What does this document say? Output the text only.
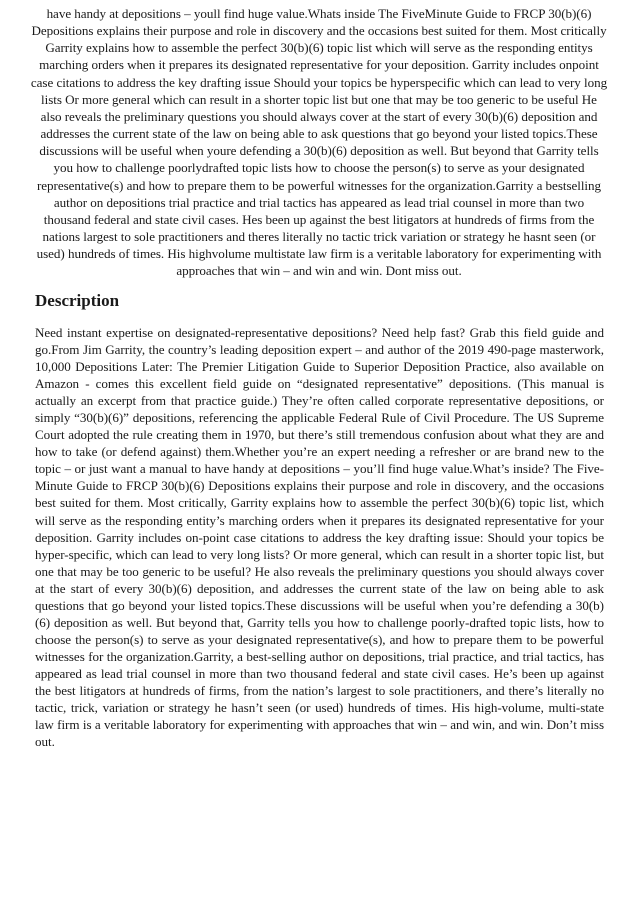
have handy at depositions – youll find huge value.Whats inside The FiveMinute Guide to FRCP 30(b)(6) Depositions explains their purpose and role in discovery and the occasions best suited for them. Most critically Garrity explains how to assemble the perfect 30(b)(6) topic list which will serve as the responding entitys marching orders when it prepares its designated representative for your deposition. Garrity includes onpoint case citations to address the key drafting issue Should your topics be hyperspecific which can lead to very long lists Or more general which can result in a shorter topic list but one that may be too generic to be useful He also reveals the preliminary questions you should always cover at the start of every 30(b)(6) deposition and addresses the current state of the law on being able to ask questions that go beyond your listed topics.These discussions will be useful when youre defending a 30(b)(6) deposition as well. But beyond that Garrity tells you how to challenge poorlydrafted topic lists how to choose the person(s) to serve as your designated representative(s) and how to prepare them to be powerful witnesses for the organization.Garrity a bestselling author on depositions trial practice and trial tactics has appeared as lead trial counsel in more than two thousand federal and state civil cases. Hes been up against the best litigators at hundreds of firms from the nations largest to sole practitioners and theres literally no tactic trick variation or strategy he hasnt seen (or used) hundreds of times. His highvolume multistate law firm is a veritable laboratory for experimenting with approaches that win – and win and win. Dont miss out.

Description

Need instant expertise on designated-representative depositions? Need help fast? Grab this field guide and go.From Jim Garrity, the country’s leading deposition expert – and author of the 2019 490-page masterwork, 10,000 Depositions Later: The Premier Litigation Guide to Superior Deposition Practice, also available on Amazon - comes this excellent field guide on “designated representative” depositions. (This manual is actually an excerpt from that practice guide.) They’re often called corporate representative depositions, or simply “30(b)(6)” depositions, referencing the applicable Federal Rule of Civil Procedure. The US Supreme Court adopted the rule creating them in 1970, but there’s still tremendous confusion about what they are and how to take (or defend against) them.Whether you’re an expert needing a refresher or are brand new to the topic – or just want a manual to have handy at depositions – you’ll find huge value.What’s inside? The Five-Minute Guide to FRCP 30(b)(6) Depositions explains their purpose and role in discovery, and the occasions best suited for them. Most critically, Garrity explains how to assemble the perfect 30(b)(6) topic list, which will serve as the responding entity’s marching orders when it prepares its designated representative for your deposition. Garrity includes on-point case citations to address the key drafting issue: Should your topics be hyper-specific, which can lead to very long lists? Or more general, which can result in a shorter topic list, but one that may be too generic to be useful? He also reveals the preliminary questions you should always cover at the start of every 30(b)(6) deposition, and addresses the current state of the law on being able to ask questions that go beyond your listed topics.These discussions will be useful when you’re defending a 30(b)(6) deposition as well. But beyond that, Garrity tells you how to challenge poorly-drafted topic lists, how to choose the person(s) to serve as your designated representative(s), and how to prepare them to be powerful witnesses for the organization.Garrity, a best-selling author on depositions, trial practice, and trial tactics, has appeared as lead trial counsel in more than two thousand federal and state civil cases. He’s been up against the best litigators at hundreds of firms, from the nation’s largest to sole practitioners, and there’s literally no tactic, trick, variation or strategy he hasn’t seen (or used) hundreds of times. His high-volume, multi-state law firm is a veritable laboratory for experimenting with approaches that win – and win, and win. Don’t miss out.
